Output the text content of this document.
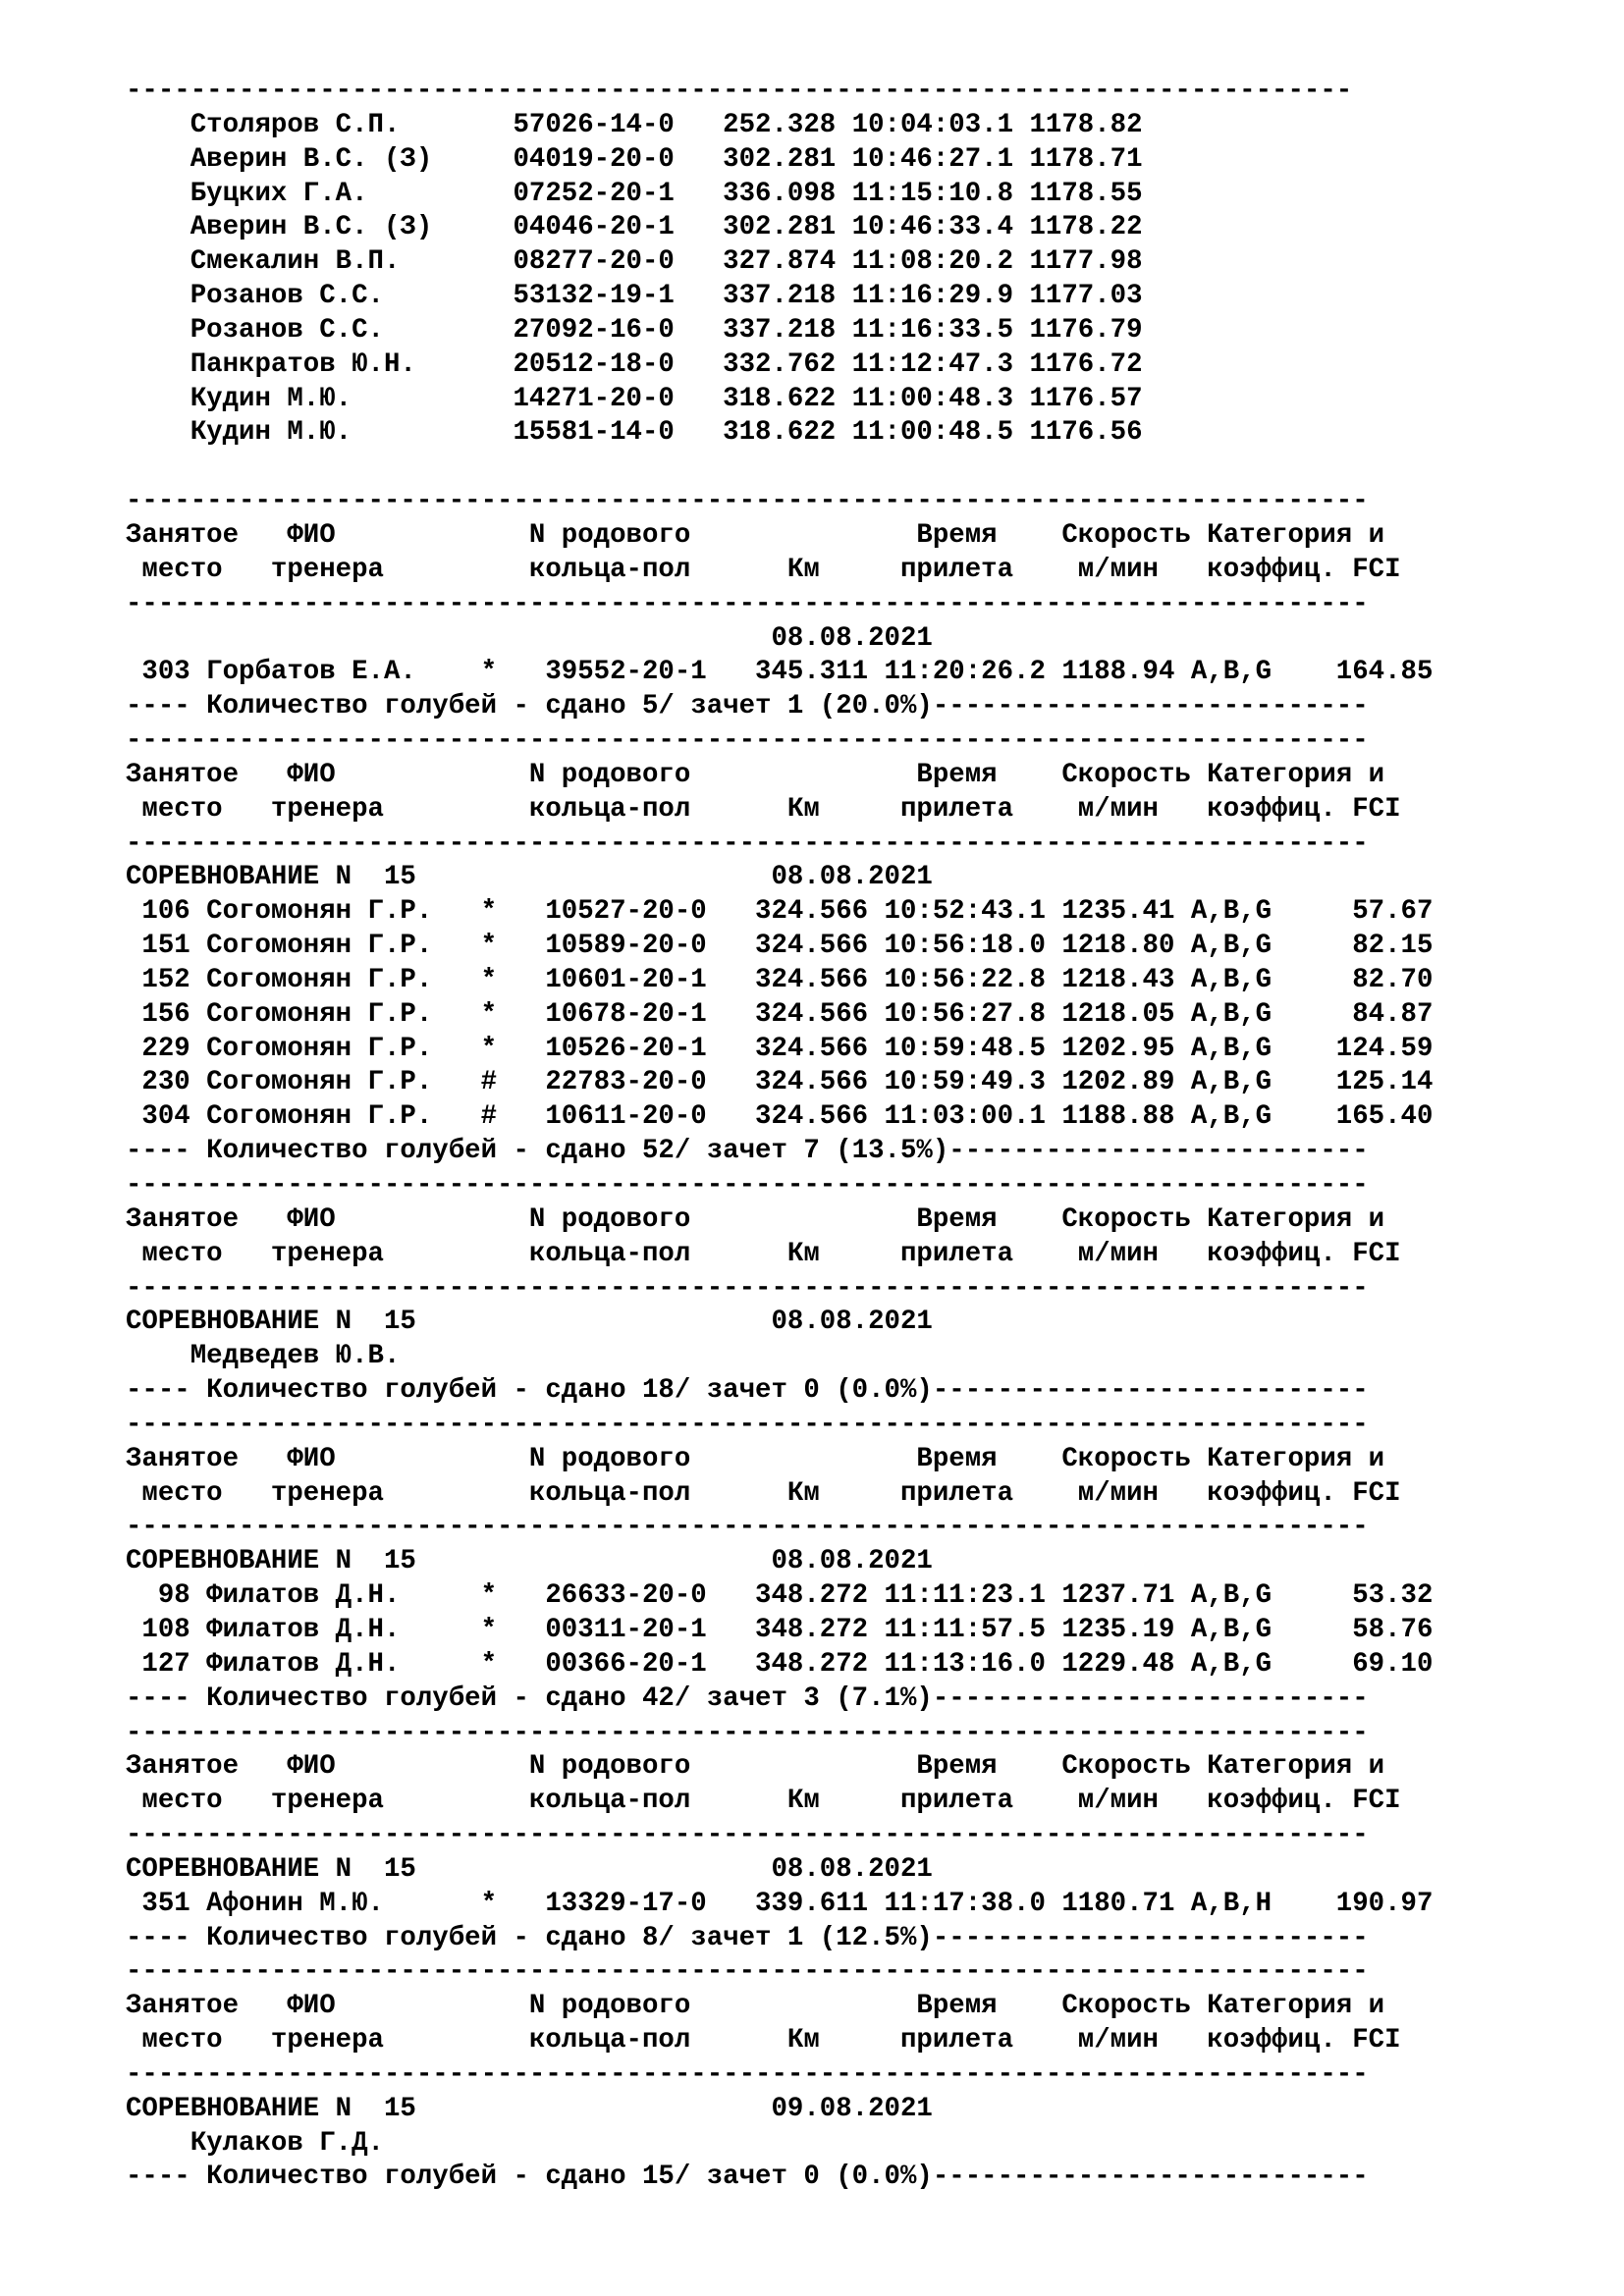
----------------------------------------------------------------------------
Столяров С.П.       57026-14-0   252.328 10:04:03.1 1178.82
Аверин В.С. (З)     04019-20-0   302.281 10:46:27.1 1178.71
Буцких Г.А.         07252-20-1   336.098 11:15:10.8 1178.55
Аверин В.С. (З)     04046-20-1   302.281 10:46:33.4 1178.22
Смекалин В.П.       08277-20-0   327.874 11:08:20.2 1177.98
Розанов С.С.        53132-19-1   337.218 11:16:29.9 1177.03
Розанов С.С.        27092-16-0   337.218 11:16:33.5 1176.79
Панкратов Ю.Н.      20512-18-0   332.762 11:12:47.3 1176.72
Кудин М.Ю.          14271-20-0   318.622 11:00:48.3 1176.57
Кудин М.Ю.          15581-14-0   318.622 11:00:48.5 1176.56
-----------------------------------------------------------------------------
Занятое   ФИО            N родового              Время    Скорость Категория и
место   тренера         кольца-пол      Км     прилета    м/мин   коэффиц. FCI
-----------------------------------------------------------------------------
08.08.2021
303 Горбатов Е.А.    *   39552-20-1   345.311 11:20:26.2 1188.94 A,B,G    164.85
---- Количество голубей - сдано 5/ зачет 1 (20.0%)---------------------------
-----------------------------------------------------------------------------
Занятое   ФИО            N родового              Время    Скорость Категория и
место   тренера         кольца-пол      Км     прилета    м/мин   коэффиц. FCI
-----------------------------------------------------------------------------
СОРЕВНОВАНИЕ N  15                      08.08.2021
106 Согомонян Г.Р.   *   10527-20-0   324.566 10:52:43.1 1235.41 A,B,G     57.67
151 Согомонян Г.Р.   *   10589-20-0   324.566 10:56:18.0 1218.80 A,B,G     82.15
152 Согомонян Г.Р.   *   10601-20-1   324.566 10:56:22.8 1218.43 A,B,G     82.70
156 Согомонян Г.Р.   *   10678-20-1   324.566 10:56:27.8 1218.05 A,B,G     84.87
229 Согомонян Г.Р.   *   10526-20-1   324.566 10:59:48.5 1202.95 A,B,G    124.59
230 Согомонян Г.Р.   #   22783-20-0   324.566 10:59:49.3 1202.89 A,B,G    125.14
304 Согомонян Г.Р.   #   10611-20-0   324.566 11:03:00.1 1188.88 A,B,G    165.40
---- Количество голубей - сдано 52/ зачет 7 (13.5%)--------------------------
-----------------------------------------------------------------------------
Занятое   ФИО            N родового              Время    Скорость Категория и
место   тренера         кольца-пол      Км     прилета    м/мин   коэффиц. FCI
-----------------------------------------------------------------------------
СОРЕВНОВАНИЕ N  15                      08.08.2021
Медведев Ю.В.
---- Количество голубей - сдано 18/ зачет 0 (0.0%)---------------------------
-----------------------------------------------------------------------------
Занятое   ФИО            N родового              Время    Скорость Категория и
место   тренера         кольца-пол      Км     прилета    м/мин   коэффиц. FCI
-----------------------------------------------------------------------------
СОРЕВНОВАНИЕ N  15                      08.08.2021
98 Филатов Д.Н.     *   26633-20-0   348.272 11:11:23.1 1237.71 A,B,G     53.32
108 Филатов Д.Н.     *   00311-20-1   348.272 11:11:57.5 1235.19 A,B,G     58.76
127 Филатов Д.Н.     *   00366-20-1   348.272 11:13:16.0 1229.48 A,B,G     69.10
---- Количество голубей - сдано 42/ зачет 3 (7.1%)---------------------------
-----------------------------------------------------------------------------
Занятое   ФИО            N родового              Время    Скорость Категория и
место   тренера         кольца-пол      Км     прилета    м/мин   коэффиц. FCI
-----------------------------------------------------------------------------
СОРЕВНОВАНИЕ N  15                      08.08.2021
351 Афонин М.Ю.      *   13329-17-0   339.611 11:17:38.0 1180.71 A,B,H    190.97
---- Количество голубей - сдано 8/ зачет 1 (12.5%)---------------------------
-----------------------------------------------------------------------------
Занятое   ФИО            N родового              Время    Скорость Категория и
место   тренера         кольца-пол      Км     прилета    м/мин   коэффиц. FCI
-----------------------------------------------------------------------------
СОРЕВНОВАНИЕ N  15                      09.08.2021
Кулаков Г.Д.
---- Количество голубей - сдано 15/ зачет 0 (0.0%)---------------------------
